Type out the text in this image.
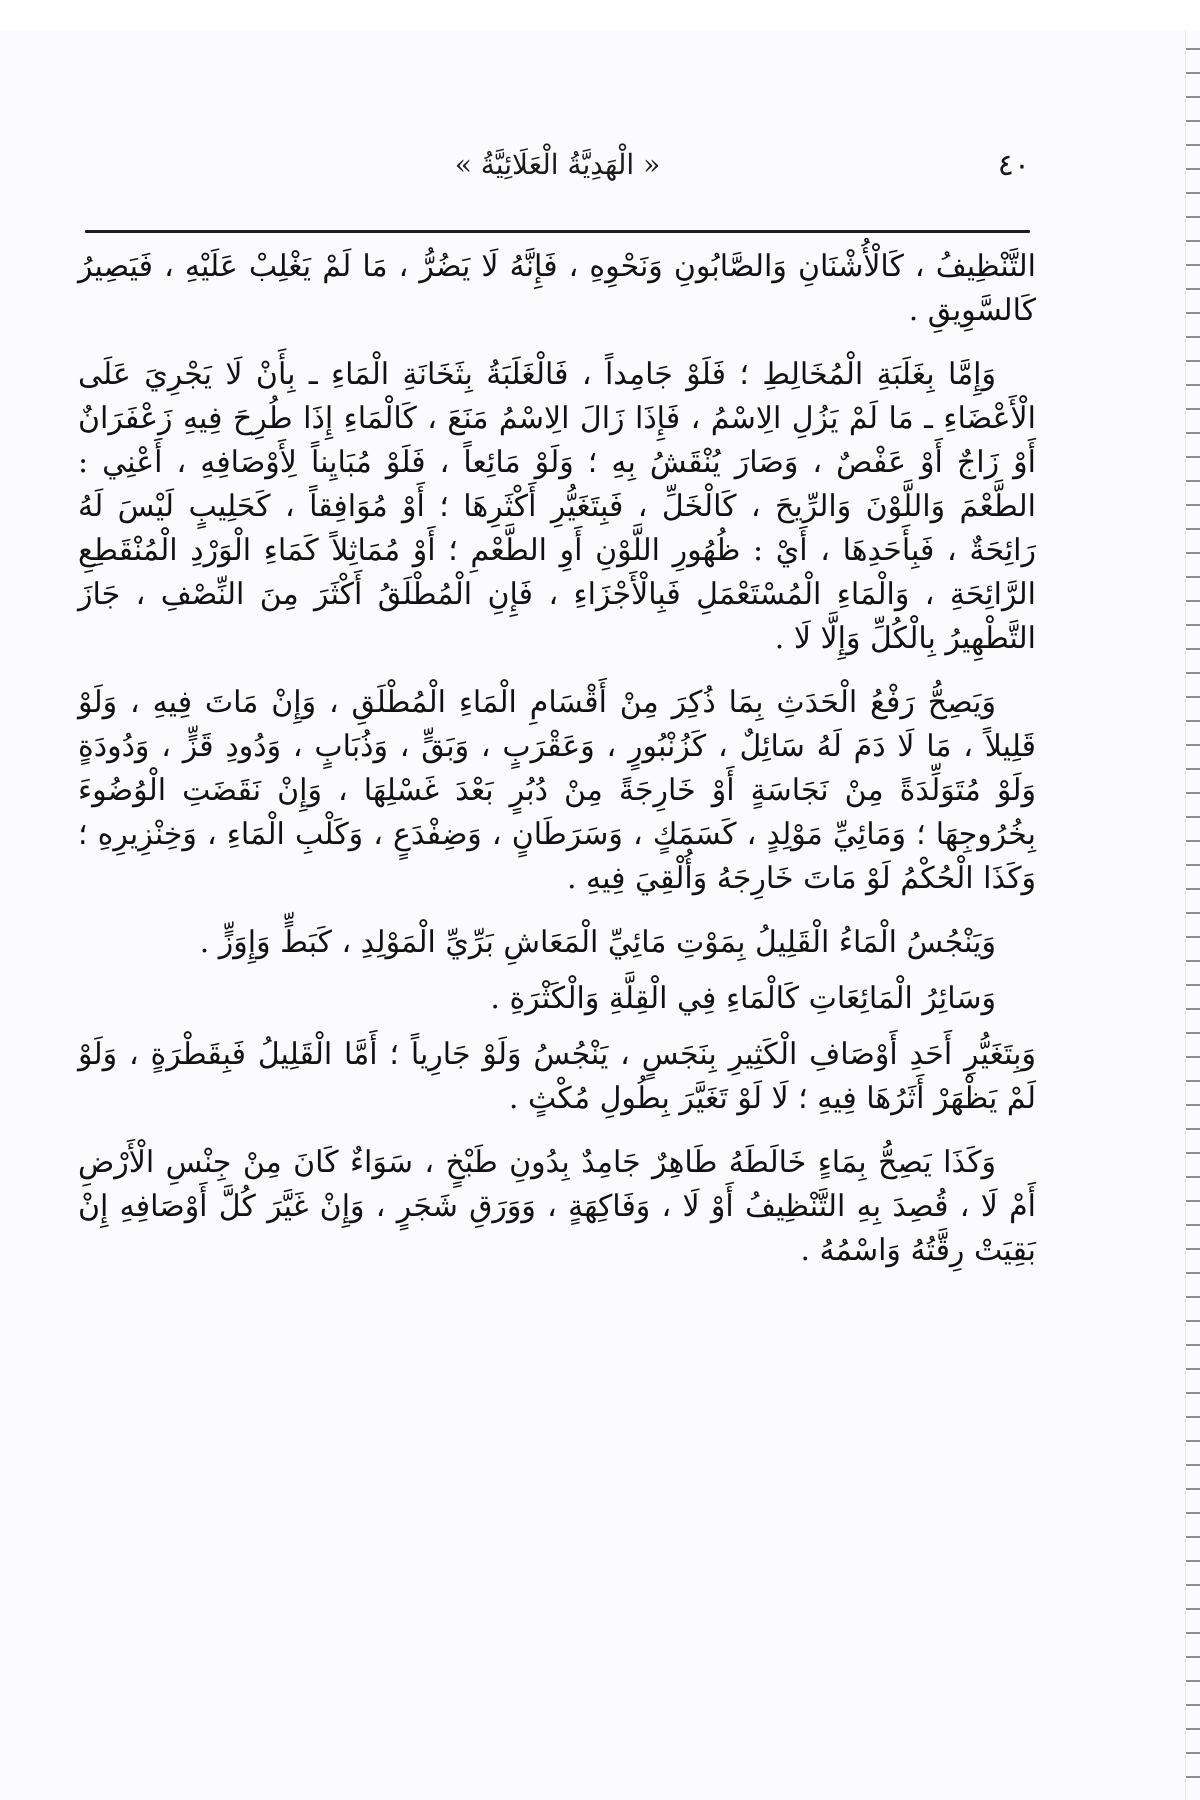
٤٠
« الْهَدِيَّةُ الْعَلَائِيَّةُ »

التَّنْظِيفُ ، كَالْأُشْنَانِ وَالصَّابُونِ وَنَحْوِهِ ، فَإِنَّهُ لَا يَضُرُّ ، مَا لَمْ يَغْلِبْ عَلَيْهِ ، فَيَصِيرُ كَالسَّوِيقِ .

وَإِمَّا بِغَلَبَةِ الْمُخَالِطِ ؛ فَلَوْ جَامِداً ، فَالْغَلَبَةُ بِثَخَانَةِ الْمَاءِ ـ بِأَنْ لَا يَجْرِيَ عَلَى الْأَعْضَاءِ ـ مَا لَمْ يَزُلِ الِاسْمُ ، فَإِذَا زَالَ الِاسْمُ مَنَعَ ، كَالْمَاءِ إِذَا طُرِحَ فِيهِ زَعْفَرَانٌ أَوْ زَاجٌ أَوْ عَفْصٌ ، وَصَارَ يُنْقَشُ بِهِ ؛ وَلَوْ مَائِعاً ، فَلَوْ مُبَايِناً لِأَوْصَافِهِ ، أَعْنِي : الطَّعْمَ وَاللَّوْنَ وَالرِّيحَ ، كَالْخَلِّ ، فَبِتَغَيُّرِ أَكْثَرِهَا ؛ أَوْ مُوَافِقاً ، كَحَلِيبٍ لَيْسَ لَهُ رَائِحَةٌ ، فَبِأَحَدِهَا ، أَيْ : ظُهُورِ اللَّوْنِ أَوِ الطَّعْمِ ؛ أَوْ مُمَاثِلاً كَمَاءِ الْوَرْدِ الْمُنْقَطِعِ الرَّائِحَةِ ، وَالْمَاءِ الْمُسْتَعْمَلِ فَبِالْأَجْزَاءِ ، فَإِنِ الْمُطْلَقُ أَكْثَرَ مِنَ النِّصْفِ ، جَازَ التَّطْهِيرُ بِالْكُلِّ وَإِلَّا لَا .

وَيَصِحُّ رَفْعُ الْحَدَثِ بِمَا ذُكِرَ مِنْ أَقْسَامِ الْمَاءِ الْمُطْلَقِ ، وَإِنْ مَاتَ فِيهِ ، وَلَوْ قَلِيلاً ، مَا لَا دَمَ لَهُ سَائِلٌ ، كَزُنْبُورٍ ، وَعَقْرَبٍ ، وَبَقٍّ ، وَذُبَابٍ ، وَدُودِ قَزٍّ ، وَدُودَةٍ وَلَوْ مُتَوَلِّدَةً مِنْ نَجَاسَةٍ أَوْ خَارِجَةً مِنْ دُبُرٍ بَعْدَ غَسْلِهَا ، وَإِنْ نَقَضَتِ الْوُضُوءَ بِخُرُوجِهَا ؛ وَمَائِيِّ مَوْلِدٍ ، كَسَمَكٍ ، وَسَرَطَانٍ ، وَضِفْدَعٍ ، وَكَلْبِ الْمَاءِ ، وَخِنْزِيرِهِ ؛ وَكَذَا الْحُكْمُ لَوْ مَاتَ خَارِجَهُ وَأُلْقِيَ فِيهِ .

وَيَنْجُسُ الْمَاءُ الْقَلِيلُ بِمَوْتِ مَائِيِّ الْمَعَاشِ بَرِّيِّ الْمَوْلِدِ ، كَبَطٍّ وَإِوَزٍّ .

وَسَائِرُ الْمَائِعَاتِ كَالْمَاءِ فِي الْقِلَّةِ وَالْكَثْرَةِ .

وَبِتَغَيُّرِ أَحَدِ أَوْصَافِ الْكَثِيرِ بِنَجَسٍ ، يَنْجُسُ وَلَوْ جَارِياً ؛ أَمَّا الْقَلِيلُ فَبِقَطْرَةٍ ، وَلَوْ لَمْ يَظْهَرْ أَثَرُهَا فِيهِ ؛ لَا لَوْ تَغَيَّرَ بِطُولِ مُكْثٍ .

وَكَذَا يَصِحُّ بِمَاءٍ خَالَطَهُ طَاهِرٌ جَامِدٌ بِدُونِ طَبْخٍ ، سَوَاءٌ كَانَ مِنْ جِنْسِ الْأَرْضِ أَمْ لَا ، قُصِدَ بِهِ التَّنْظِيفُ أَوْ لَا ، وَفَاكِهَةٍ ، وَوَرَقِ شَجَرٍ ، وَإِنْ غَيَّرَ كُلَّ أَوْصَافِهِ إِنْ بَقِيَتْ رِقَّتُهُ وَاسْمُهُ .
